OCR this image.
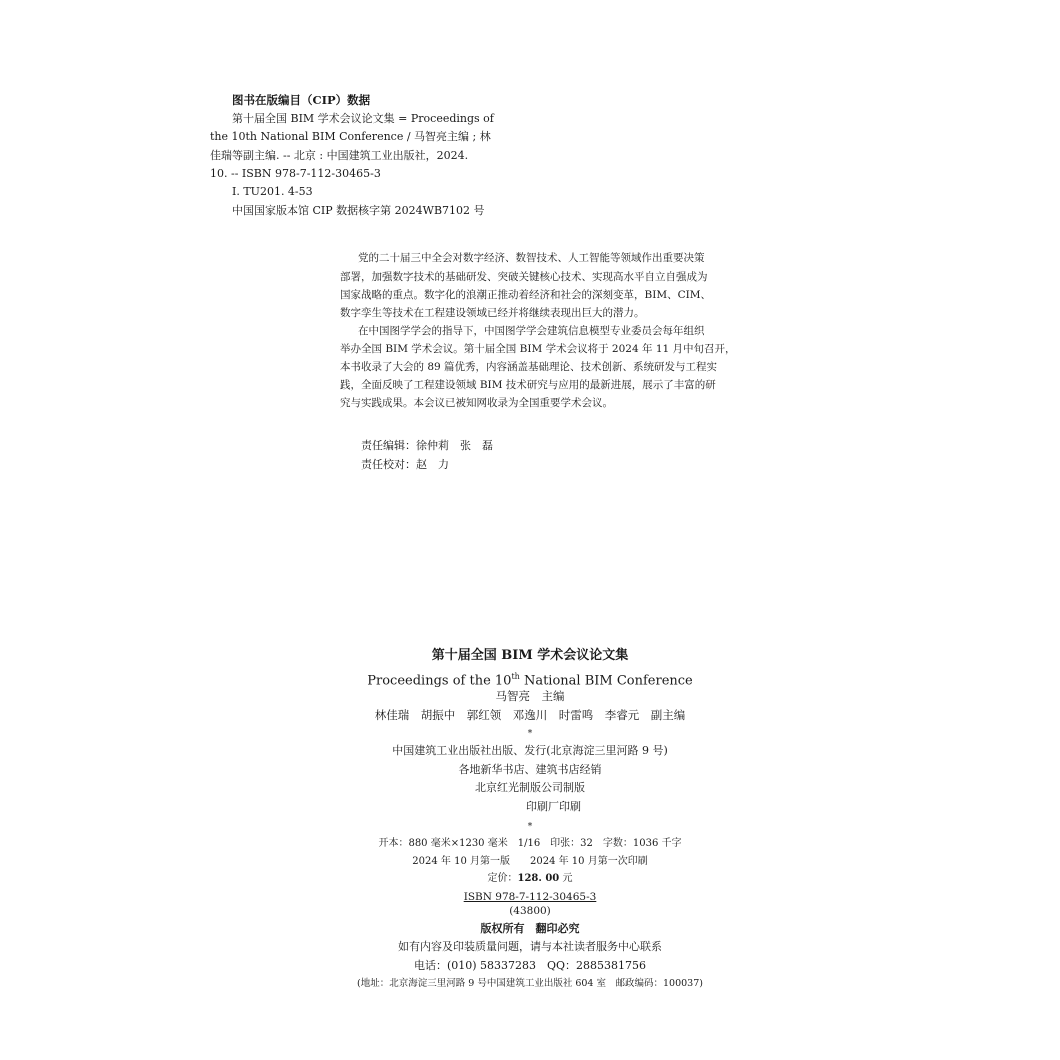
图书在版编目（CIP）数据
第十届全国 BIM 学术会议论文集 = Proceedings of
the 10th National BIM Conference / 马智亮主编 ; 林
佳瑞等副主编. -- 北京 : 中国建筑工业出版社，2024.
10. -- ISBN 978-7-112-30465-3
Ⅰ. TU201. 4-53
中国国家版本馆 CIP 数据核字第 2024WB7102 号
党的二十届三中全会对数字经济、数智技术、人工智能等领域作出重要决策
部署，加强数字技术的基础研发、突破关键核心技术、实现高水平自立自强成为
国家战略的重点。数字化的浪潮正推动着经济和社会的深刻变革，BIM、CIM、
数字孪生等技术在工程建设领域已经并将继续表现出巨大的潜力。
在中国图学学会的指导下，中国图学学会建筑信息模型专业委员会每年组织
举办全国 BIM 学术会议。第十届全国 BIM 学术会议将于 2024 年 11 月中旬召开，
本书收录了大会的 89 篇优秀，内容涵盖基础理论、技术创新、系统研发与工程实
践，全面反映了工程建设领域 BIM 技术研究与应用的最新进展，展示了丰富的研
究与实践成果。本会议已被知网收录为全国重要学术会议。
责任编辑：徐仲莉　张　磊
责任校对：赵　力
第十届全国 BIM 学术会议论文集
Proceedings of the 10th National BIM Conference
马智亮　主编
林佳瑞　胡振中　郭红领　邓逸川　时雷鸣　李睿元　副主编
*
中国建筑工业出版社出版、发行(北京海淀三里河路 9 号)
各地新华书店、建筑书店经销
北京红光制版公司制版
印刷厂印刷
*
开本：880 毫米×1230 毫米　1/16　印张：32　字数：1036 千字
2024 年 10 月第一版　　2024 年 10 月第一次印刷
定价：128. 00 元
ISBN 978-7-112-30465-3
(43800)
版权所有　翻印必究
如有内容及印装质量问题，请与本社读者服务中心联系
电话：(010) 58337283　QQ：2885381756
(地址：北京海淀三里河路 9 号中国建筑工业出版社 604 室　邮政编码：100037)
